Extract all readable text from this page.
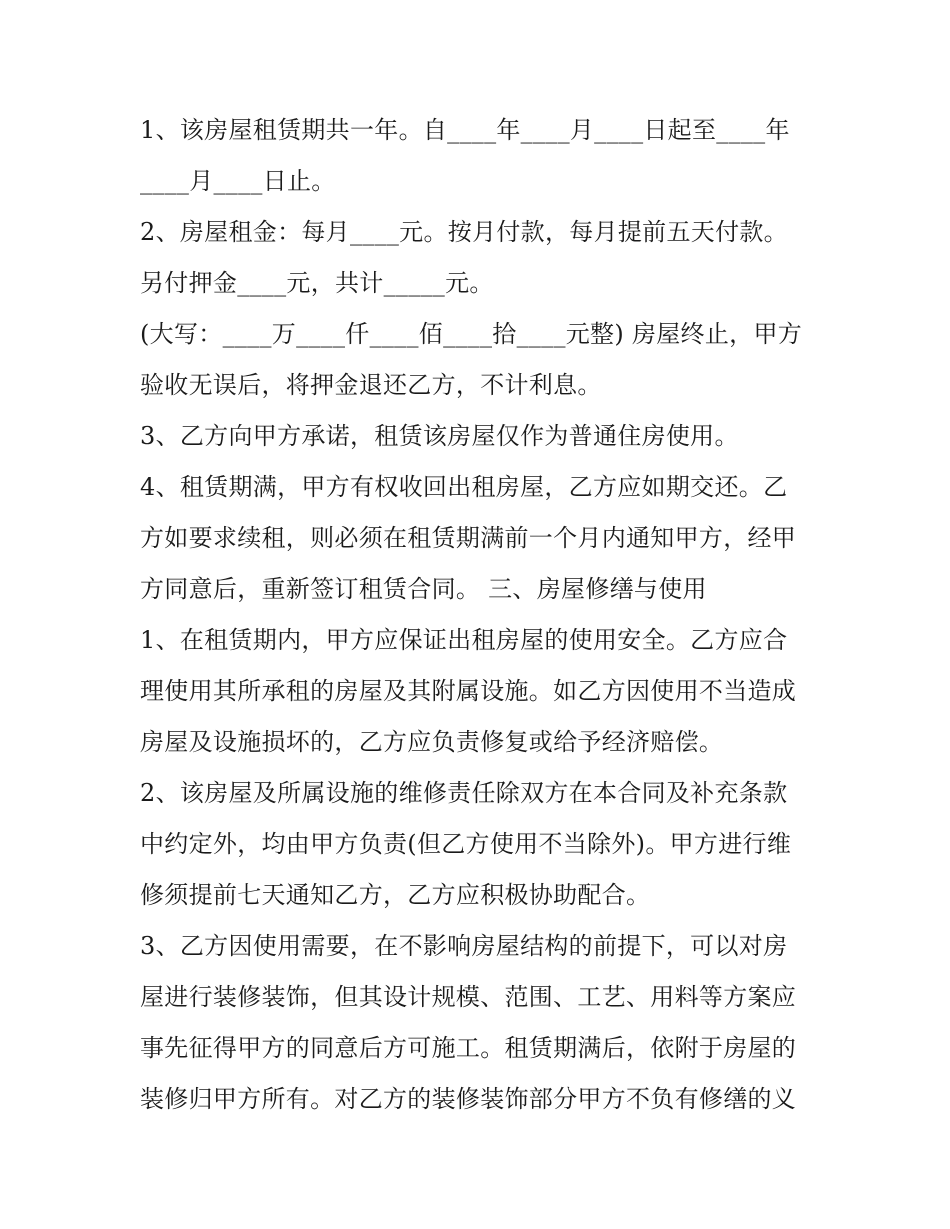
1、该房屋租赁期共一年。自____年____月____日起至____年
____月____日止。
2、房屋租金：每月____元。按月付款，每月提前五天付款。
另付押金____元，共计_____元。
(大写：____万____仟____佰____拾____元整) 房屋终止，甲方
验收无误后，将押金退还乙方，不计利息。
3、乙方向甲方承诺，租赁该房屋仅作为普通住房使用。
4、租赁期满，甲方有权收回出租房屋，乙方应如期交还。乙
方如要求续租，则必须在租赁期满前一个月内通知甲方，经甲
方同意后，重新签订租赁合同。 三、房屋修缮与使用
1、在租赁期内，甲方应保证出租房屋的使用安全。乙方应合
理使用其所承租的房屋及其附属设施。如乙方因使用不当造成
房屋及设施损坏的，乙方应负责修复或给予经济赔偿。
2、该房屋及所属设施的维修责任除双方在本合同及补充条款
中约定外，均由甲方负责(但乙方使用不当除外)。甲方进行维
修须提前七天通知乙方，乙方应积极协助配合。
3、乙方因使用需要，在不影响房屋结构的前提下，可以对房
屋进行装修装饰，但其设计规模、范围、工艺、用料等方案应
事先征得甲方的同意后方可施工。租赁期满后，依附于房屋的
装修归甲方所有。对乙方的装修装饰部分甲方不负有修缮的义
